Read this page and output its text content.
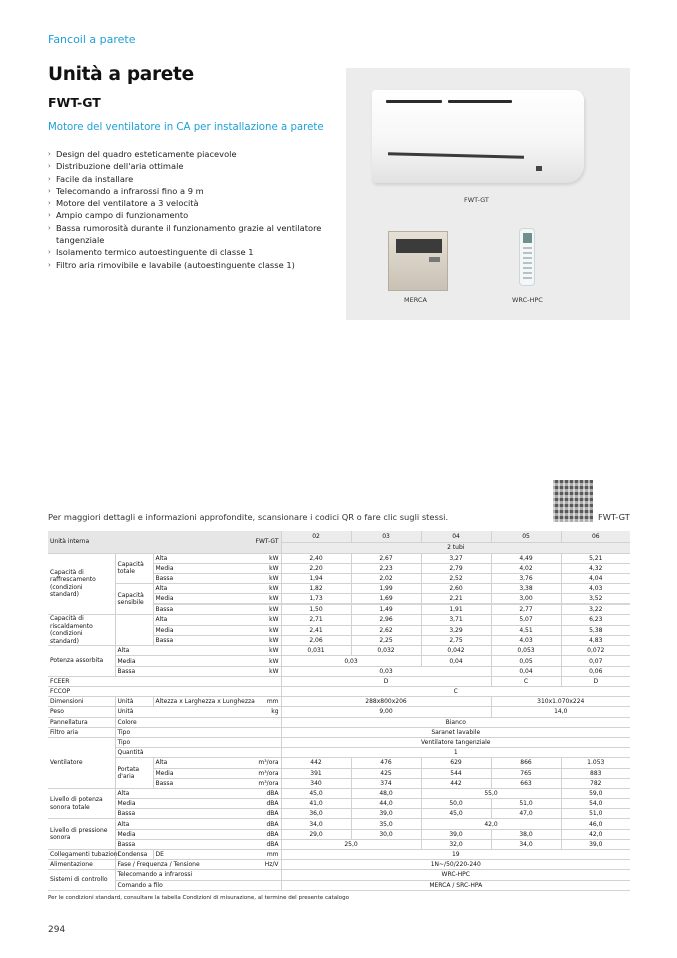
Fancoil a parete
Unità a parete
FWT-GT
Motore del ventilatore in CA per installazione a parete
› Design del quadro esteticamente piacevole
› Distribuzione dell'aria ottimale
› Facile da installare
› Telecomando a infrarossi fino a 9 m
› Motore del ventilatore a 3 velocità
› Ampio campo di funzionamento
› Bassa rumorosità durante il funzionamento grazie al ventilatore tangenziale
› Isolamento termico autoestinguente di classe 1
› Filtro aria rimovibile e lavabile (autoestinguente classe 1)
FWT-GT
MERCA	WRC-HPC
Per maggiori dettagli e informazioni approfondite, scansionare i codici QR o fare clic sugli stessi.	FWT-GT
Unità interna		FWT-GT		02	03	04	05	06
				2 tubi				
Capacità di raffrescamento (condizioni standard)	Capacità totale	Alta	kW	2,40	2,67	3,27	4,49	5,21
		Media	kW	2,20	2,23	2,79	4,02	4,32
		Bassa	kW	1,94	2,02	2,52	3,76	4,04
	Capacità sensibile	Alta	kW	1,82	1,99	2,60	3,38	4,03
		Media	kW	1,73	1,69	2,21	3,00	3,52
		Bassa	kW	1,50	1,49	1,91	2,77	3,22
Capacità di riscaldamento (condizioni standard)		Alta	kW	2,71	2,96	3,71	5,07	6,23
		Media	kW	2,41	2,62	3,29	4,51	5,38
		Bassa	kW	2,06	2,25	2,75	4,03	4,83
Potenza assorbita	Alta		kW	0,031	0,032	0,042	0,053	0,072
	Media		kW	0,03		0,04	0,05	0,07
	Bassa		kW	0,03			0,04	0,06
FCEER				D			C	D
FCCOP				C				
Dimensioni	Unità	Altezza x Larghezza x Lunghezza	mm	288x800x206			310x1.070x224	
Peso	Unità		kg	9,00			14,0	
Pannellatura	Colore			Bianco				
Filtro aria	Tipo			Saranet lavabile				
Ventilatore	Tipo			Ventilatore tangenziale				
	Quantità			1				
	Portata d'aria	Alta	m³/ora	442	476	629	866	1.053
		Media	m³/ora	391	425	544	765	883
		Bassa	m³/ora	340	374	442	663	782
Livello di potenza sonora totale	Alta		dBA	45,0	48,0	55,0		59,0
	Media		dBA	41,0	44,0	50,0	51,0	54,0
	Bassa		dBA	36,0	39,0	45,0	47,0	51,0
Livello di pressione sonora	Alta		dBA	34,0	35,0	42,0		46,0
	Media		dBA	29,0	30,0	39,0	38,0	42,0
	Bassa		dBA	25,0		32,0	34,0	39,0
Collegamenti tubazioni	Condensa	DE	mm	19				
Alimentazione	Fase / Frequenza / Tensione		Hz/V	1N~/50/220-240				
Sistemi di controllo	Telecomando a infrarossi			WRC-HPC				
	Comando a filo			MERCA / SRC-HPA				
Per le condizioni standard, consultare la tabella Condizioni di misurazione, al termine del presente catalogo
294
